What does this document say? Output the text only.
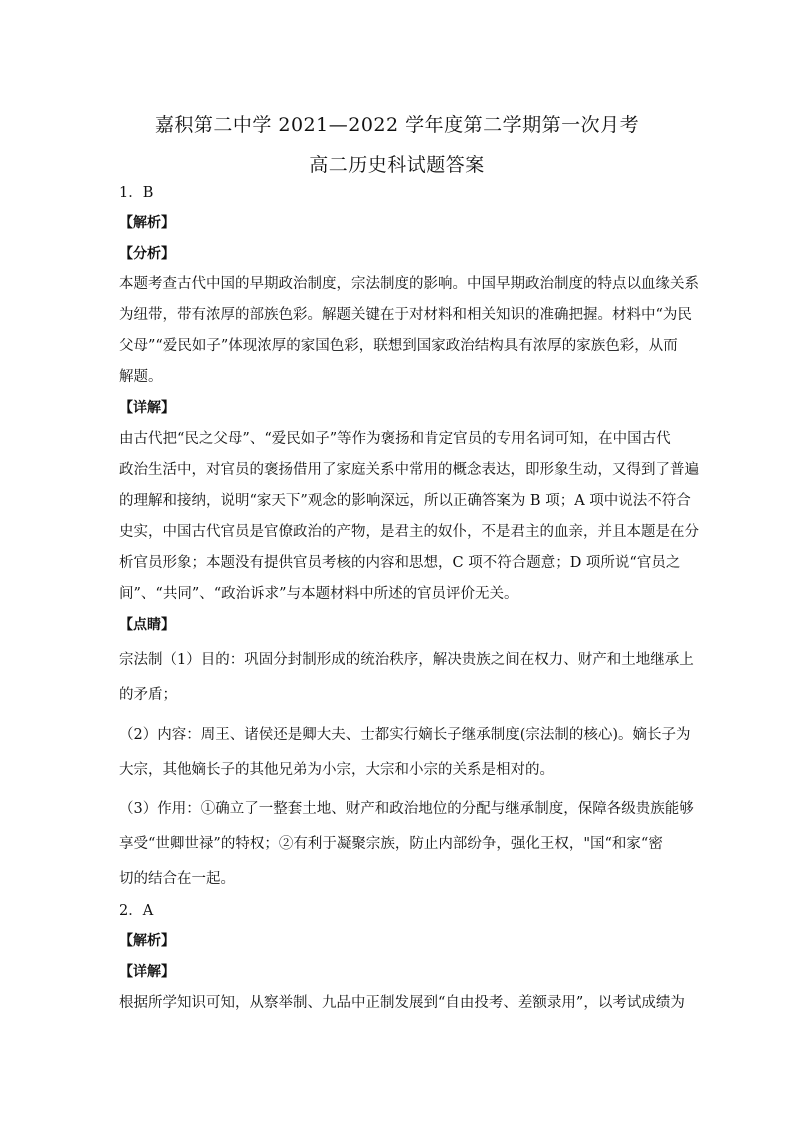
嘉积第二中学 2021—2022 学年度第二学期第一次月考
高二历史科试题答案
1．B
【解析】
【分析】
本题考查古代中国的早期政治制度，宗法制度的影响。中国早期政治制度的特点以血缘关系
为纽带，带有浓厚的部族色彩。解题关键在于对材料和相关知识的准确把握。材料中“为民
父母”“爱民如子”体现浓厚的家国色彩，联想到国家政治结构具有浓厚的家族色彩，从而
解题。
【详解】
由古代把“民之父母”、“爱民如子”等作为褒扬和肯定官员的专用名词可知，在中国古代
政治生活中，对官员的褒扬借用了家庭关系中常用的概念表达，即形象生动，又得到了普遍
的理解和接纳，说明“家天下”观念的影响深远，所以正确答案为 B 项；A 项中说法不符合
史实，中国古代官员是官僚政治的产物，是君主的奴仆，不是君主的血亲，并且本题是在分
析官员形象；本题没有提供官员考核的内容和思想，C 项不符合题意；D 项所说“官员之
间”、“共同”、“政治诉求”与本题材料中所述的官员评价无关。
【点睛】
宗法制（1）目的：巩固分封制形成的统治秩序，解决贵族之间在权力、财产和土地继承上
的矛盾；
（2）内容：周王、诸侯还是卿大夫、士都实行嫡长子继承制度(宗法制的核心)。嫡长子为
大宗，其他嫡长子的其他兄弟为小宗，大宗和小宗的关系是相对的。
（3）作用：①确立了一整套土地、财产和政治地位的分配与继承制度，保障各级贵族能够
享受“世卿世禄”的特权；②有利于凝聚宗族，防止内部纷争，强化王权，"国“和家“密
切的结合在一起。
2．A
【解析】
【详解】
根据所学知识可知，从察举制、九品中正制发展到“自由投考、差额录用”，以考试成绩为
